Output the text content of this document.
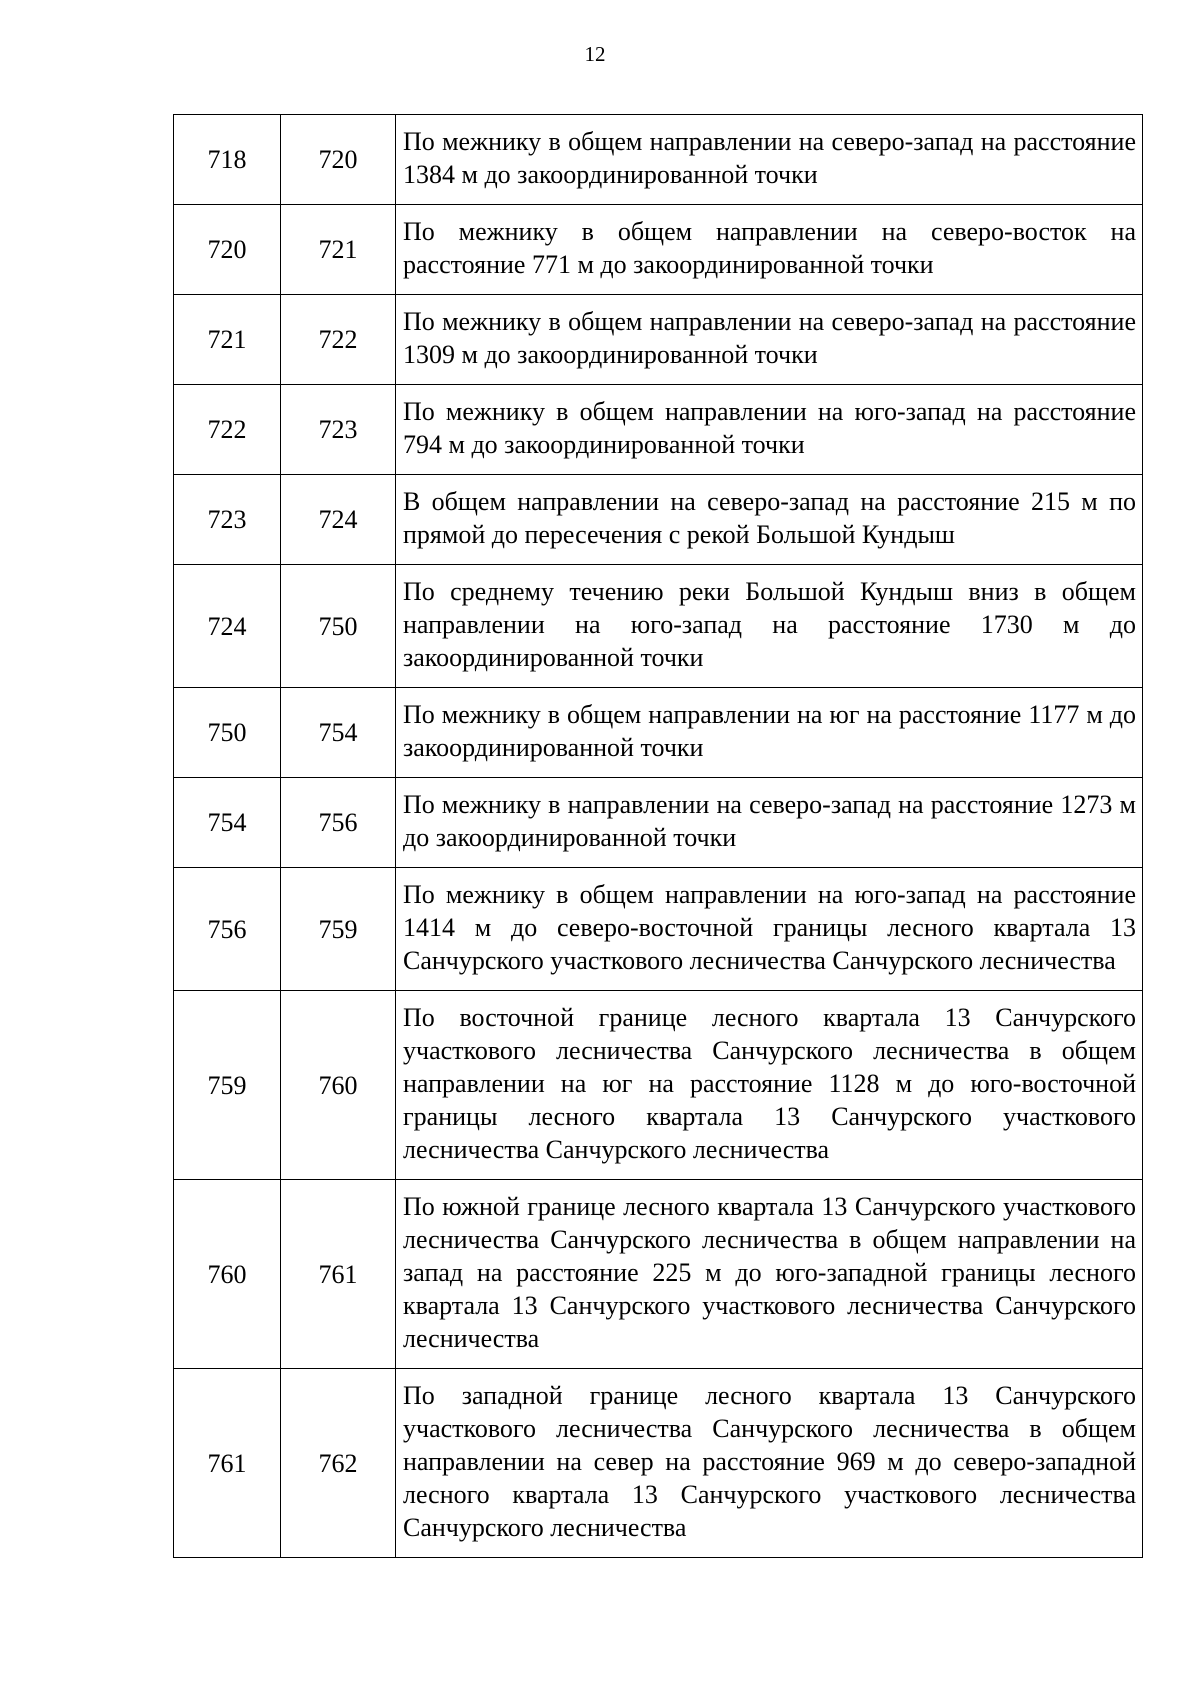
12
718	720	По межнику в общем направлении на северо-запад на расстояние 1384 м до закоординированной точки
720	721	По межнику в общем направлении на северо-восток на расстояние 771 м до закоординированной точки
721	722	По межнику в общем направлении на северо-запад на расстояние 1309 м до закоординированной точки
722	723	По межнику в общем направлении на юго-запад на расстояние 794 м до закоординированной точки
723	724	В общем направлении на северо-запад на расстояние 215 м по прямой до пересечения с рекой Большой Кундыш
724	750	По среднему течению реки Большой Кундыш вниз в общем направлении на юго-запад на расстояние 1730 м до закоординированной точки
750	754	По межнику в общем направлении на юг на расстояние 1177 м до закоординированной точки
754	756	По межнику в направлении на северо-запад на расстояние 1273 м до закоординированной точки
756	759	По межнику в общем направлении на юго-запад на расстояние 1414 м до северо-восточной границы лесного квартала 13 Санчурского участкового лесничества Санчурского лесничества
759	760	По восточной границе лесного квартала 13 Санчурского участкового лесничества Санчурского лесничества в общем направлении на юг на расстояние 1128 м до юго-восточной границы лесного квартала 13 Санчурского участкового лесничества Санчурского лесничества
760	761	По южной границе лесного квартала 13 Санчурского участкового лесничества Санчурского лесничества в общем направлении на запад на расстояние 225 м до юго-западной границы лесного квартала 13 Санчурского участкового лесничества Санчурского лесничества
761	762	По западной границе лесного квартала 13 Санчурского участкового лесничества Санчурского лесничества в общем направлении на север на расстояние 969 м до северо-западной лесного квартала 13 Санчурского участкового лесничества Санчурского лесничества
